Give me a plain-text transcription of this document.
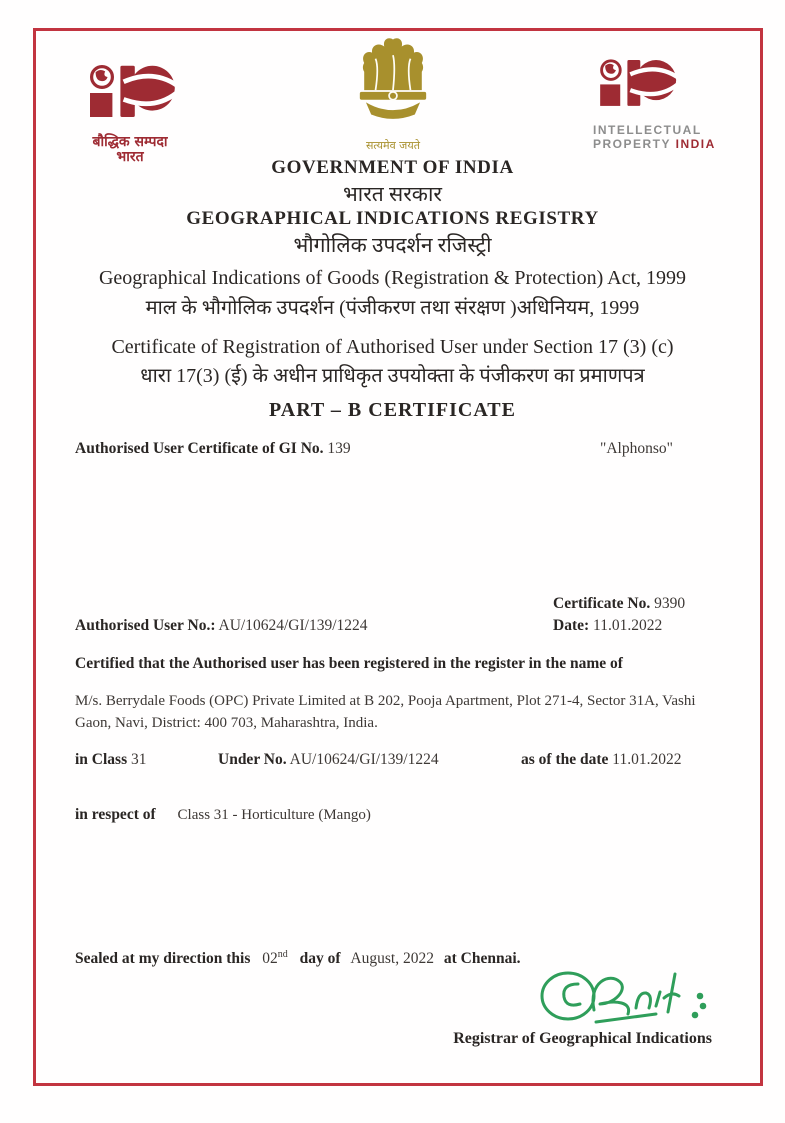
बौद्धिक सम्पदा
भारत
सत्यमेव जयते
INTELLECTUAL
PROPERTY INDIA
GOVERNMENT OF INDIA
भारत सरकार
GEOGRAPHICAL INDICATIONS REGISTRY
भौगोलिक उपदर्शन रजिस्ट्री
Geographical Indications of Goods (Registration & Protection) Act, 1999
माल के भौगोलिक उपदर्शन (पंजीकरण तथा संरक्षण )अधिनियम, 1999
Certificate of Registration of Authorised User under Section 17 (3) (c)
धारा 17(3) (ई) के अधीन प्राधिकृत उपयोक्ता के पंजीकरण का प्रमाणपत्र
PART – B CERTIFICATE
Authorised User Certificate of GI No. 139	"Alphonso"
Certificate No. 9390
Authorised User No.: AU/10624/GI/139/1224	Date: 11.01.2022
Certified that the Authorised user has been registered in the register in the name of
M/s. Berrydale Foods (OPC) Private Limited at B 202, Pooja Apartment, Plot 271-4, Sector 31A, Vashi Gaon, Navi, District: 400 703, Maharashtra, India.
in Class 31	Under No. AU/10624/GI/139/1224	as of the date 11.01.2022
in respect of Class 31 - Horticulture (Mango)
Sealed at my direction this 02nd day of August, 2022 at Chennai.
Registrar of Geographical Indications
